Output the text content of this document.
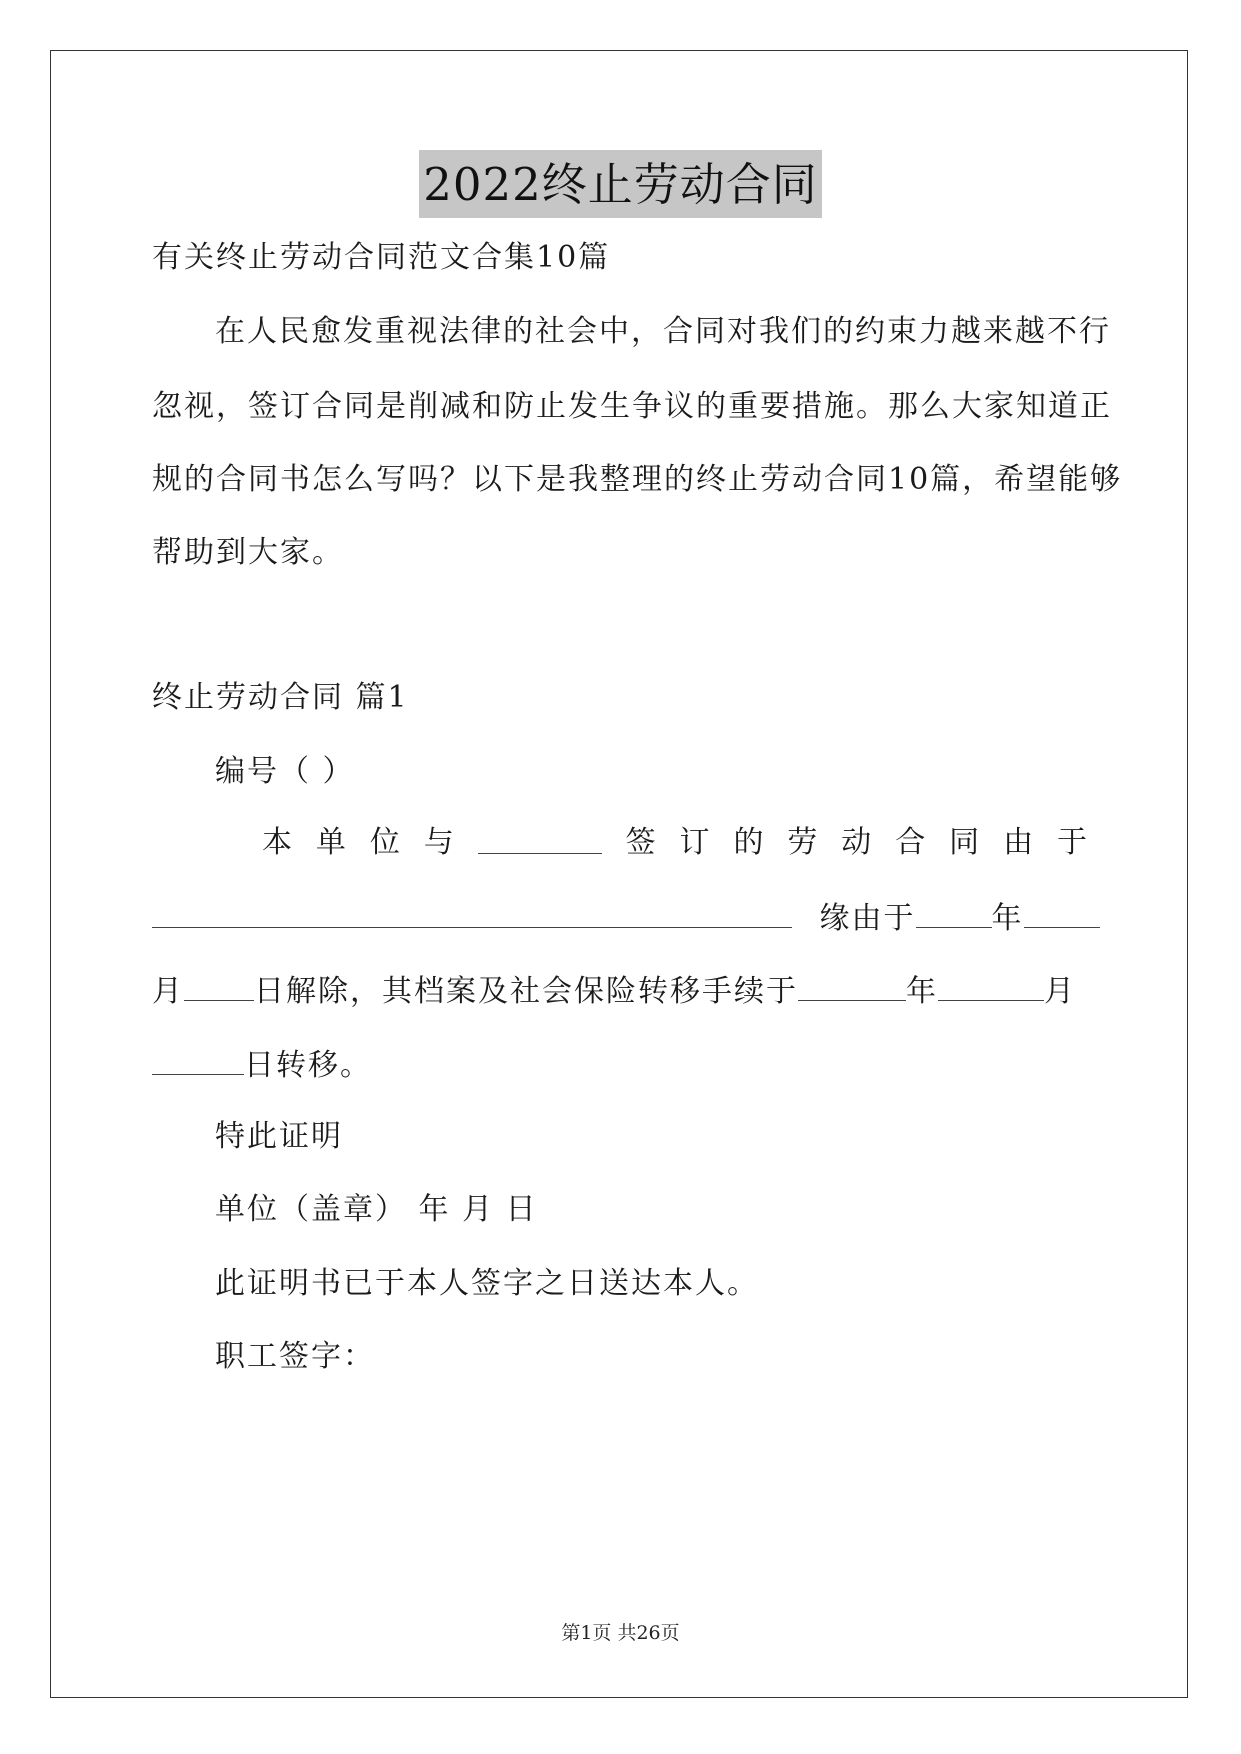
2022终止劳动合同
有关终止劳动合同范文合集10篇
在人民愈发重视法律的社会中，合同对我们的约束力越来越不行
忽视，签订合同是削减和防止发生争议的重要措施。那么大家知道正
规的合同书怎么写吗？以下是我整理的终止劳动合同10篇，希望能够
帮助到大家。
终止劳动合同 篇1
编号（ ）
本 单 位 与	签 订 的 劳 动 合 同 由 于
缘由于	年
月 日解除，其档案及社会保险转移手续于	年	月
日转移。
特此证明
单位（盖章） 年 月 日
此证明书已于本人签字之日送达本人。
职工签字：
第1页 共26页
